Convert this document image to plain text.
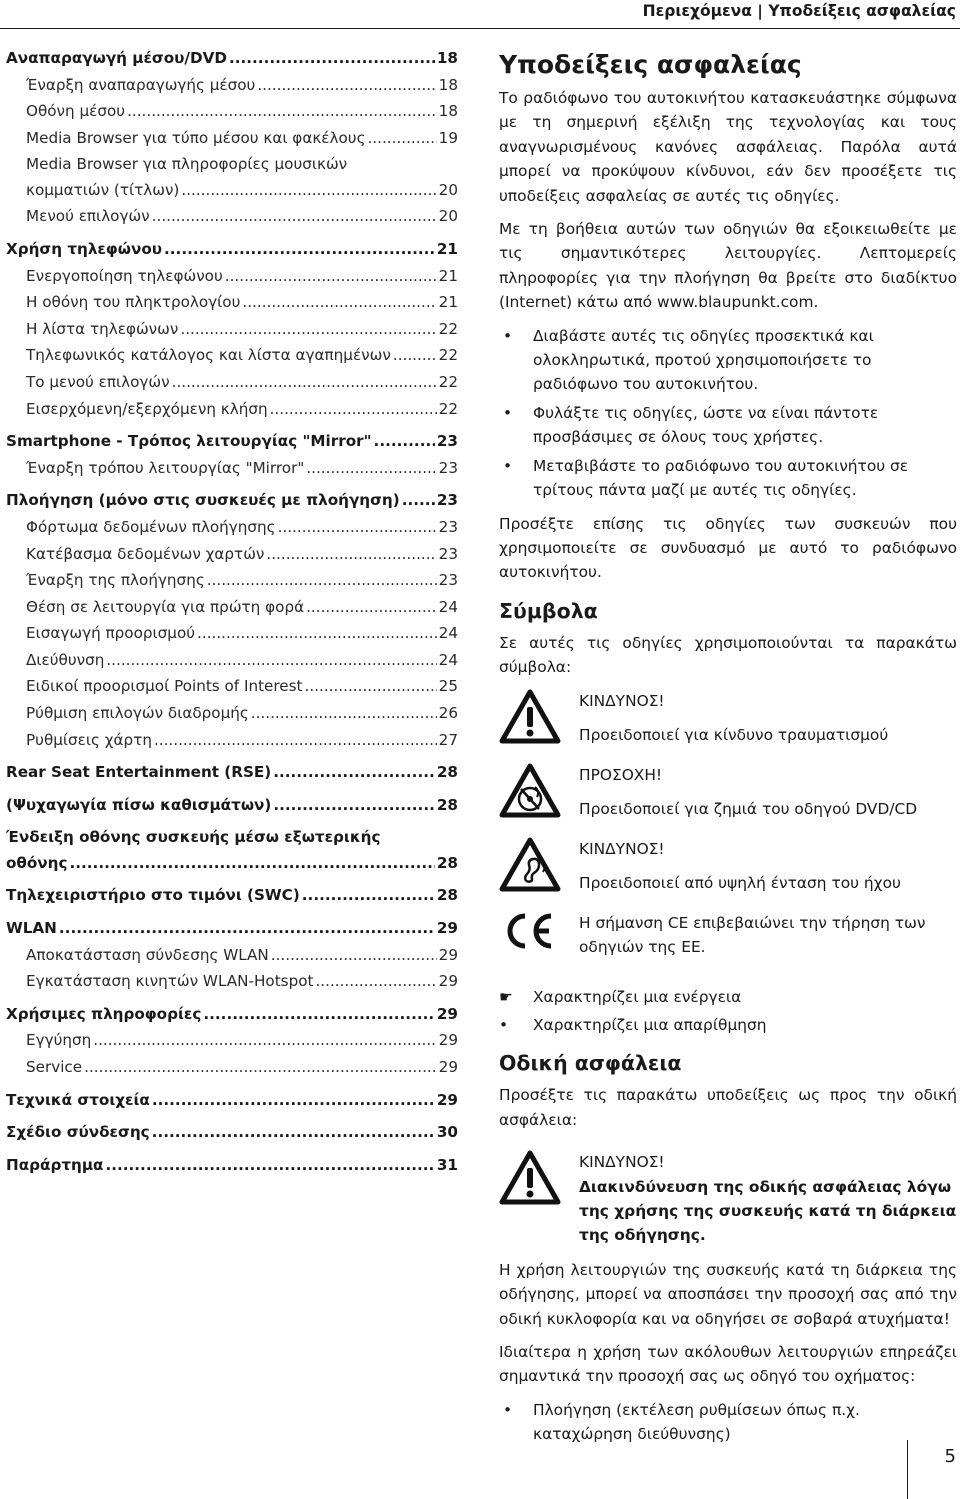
Περιεχόμενα | Υποδείξεις ασφαλείας
Αναπαραγωγή μέσου/DVD .....	18
Έναρξη αναπαραγωγής μέσου .....	18
Οθόνη μέσου .....	18
Media Browser για τύπο μέσου και φακέλους .....	19
Media Browser για πληροφορίες μουσικών
κομματιών (τίτλων) .....	20
Μενού επιλογών .....	20
Χρήση τηλεφώνου .....	21
Ενεργοποίηση τηλεφώνου .....	21
Η οθόνη του πληκτρολογίου .....	21
Η λίστα τηλεφώνων .....	22
Τηλεφωνικός κατάλογος και λίστα αγαπημένων .....	22
Το μενού επιλογών .....	22
Εισερχόμενη/εξερχόμενη κλήση .....	22
Smartphone - Τρόπος λειτουργίας "Mirror" .....	23
Έναρξη τρόπου λειτουργίας "Mirror" .....	23
Πλοήγηση (μόνο στις συσκευές με πλοήγηση) ..... 23
Φόρτωμα δεδομένων πλοήγησης .....	23
Κατέβασμα δεδομένων χαρτών .....	23
Έναρξη της πλοήγησης .....	23
Θέση σε λειτουργία για πρώτη φορά .....	24
Εισαγωγή προορισμού .....	24
Διεύθυνση .....	24
Ειδικοί προορισμοί Points of Interest .....	25
Ρύθμιση επιλογών διαδρομής .....	26
Ρυθμίσεις χάρτη .....	27
Rear Seat Entertainment (RSE) .....	28
(Ψυχαγωγία πίσω καθισμάτων) .....	28
Ένδειξη οθόνης συσκευής μέσω εξωτερικής
οθόνης .....	28
Τηλεχειριστήριο στο τιμόνι (SWC) .....	28
WLAN .....	29
Αποκατάσταση σύνδεσης WLAN .....	29
Εγκατάσταση κινητών WLAN-Hotspot .....	29
Χρήσιμες πληροφορίες .....	29
Εγγύηση .....	29
Service .....	29
Τεχνικά στοιχεία .....	29
Σχέδιο σύνδεσης .....	30
Παράρτημα .....	31
Υποδείξεις ασφαλείας

Το ραδιόφωνο του αυτοκινήτου κατασκευάστηκε σύμφωνα με τη σημερινή εξέλιξη της τεχνολογίας και τους αναγνωρισμένους κανόνες ασφάλειας. Παρόλα αυτά μπορεί να προκύψουν κίνδυνοι, εάν δεν προσέξετε τις υποδείξεις ασφαλείας σε αυτές τις οδηγίες.

Με τη βοήθεια αυτών των οδηγιών θα εξοικειωθείτε με τις σημαντικότερες λειτουργίες. Λεπτομερείς πληροφορίες για την πλοήγηση θα βρείτε στο διαδίκτυο (Internet) κάτω από www.blaupunkt.com.

• Διαβάστε αυτές τις οδηγίες προσεκτικά και ολοκληρωτικά, προτού χρησιμοποιήσετε το ραδιόφωνο του αυτοκινήτου.
• Φυλάξτε τις οδηγίες, ώστε να είναι πάντοτε προσβάσιμες σε όλους τους χρήστες.
• Μεταβιβάστε το ραδιόφωνο του αυτοκινήτου σε τρίτους πάντα μαζί με αυτές τις οδηγίες.

Προσέξτε επίσης τις οδηγίες των συσκευών που χρησιμοποιείτε σε συνδυασμό με αυτό το ραδιόφωνο αυτοκινήτου.

Σύμβολα

Σε αυτές τις οδηγίες χρησιμοποιούνται τα παρακάτω σύμβολα:

ΚΙΝΔΥΝΟΣ!
Προειδοποιεί για κίνδυνο τραυματισμού
ΠΡΟΣΟΧΗ!
Προειδοποιεί για ζημιά του οδηγού DVD/CD
ΚΙΝΔΥΝΟΣ!
Προειδοποιεί από υψηλή ένταση του ήχου
Η σήμανση CE επιβεβαιώνει την τήρηση των οδηγιών της ΕΕ.
☛	Χαρακτηρίζει μια ενέργεια
•	Χαρακτηρίζει μια απαρίθμηση
Οδική ασφάλεια

Προσέξτε τις παρακάτω υποδείξεις ως προς την οδική ασφάλεια:

ΚΙΝΔΥΝΟΣ!
Διακινδύνευση της οδικής ασφάλειας λόγω της χρήσης της συσκευής κατά τη διάρκεια της οδήγησης.

Η χρήση λειτουργιών της συσκευής κατά τη διάρκεια της οδήγησης, μπορεί να αποσπάσει την προσοχή σας από την οδική κυκλοφορία και να οδηγήσει σε σοβαρά ατυχήματα!

Ιδιαίτερα η χρήση των ακόλουθων λειτουργιών επηρεάζει σημαντικά την προσοχή σας ως οδηγό του οχήματος:

• Πλοήγηση (εκτέλεση ρυθμίσεων όπως π.χ. καταχώρηση διεύθυνσης)
5
